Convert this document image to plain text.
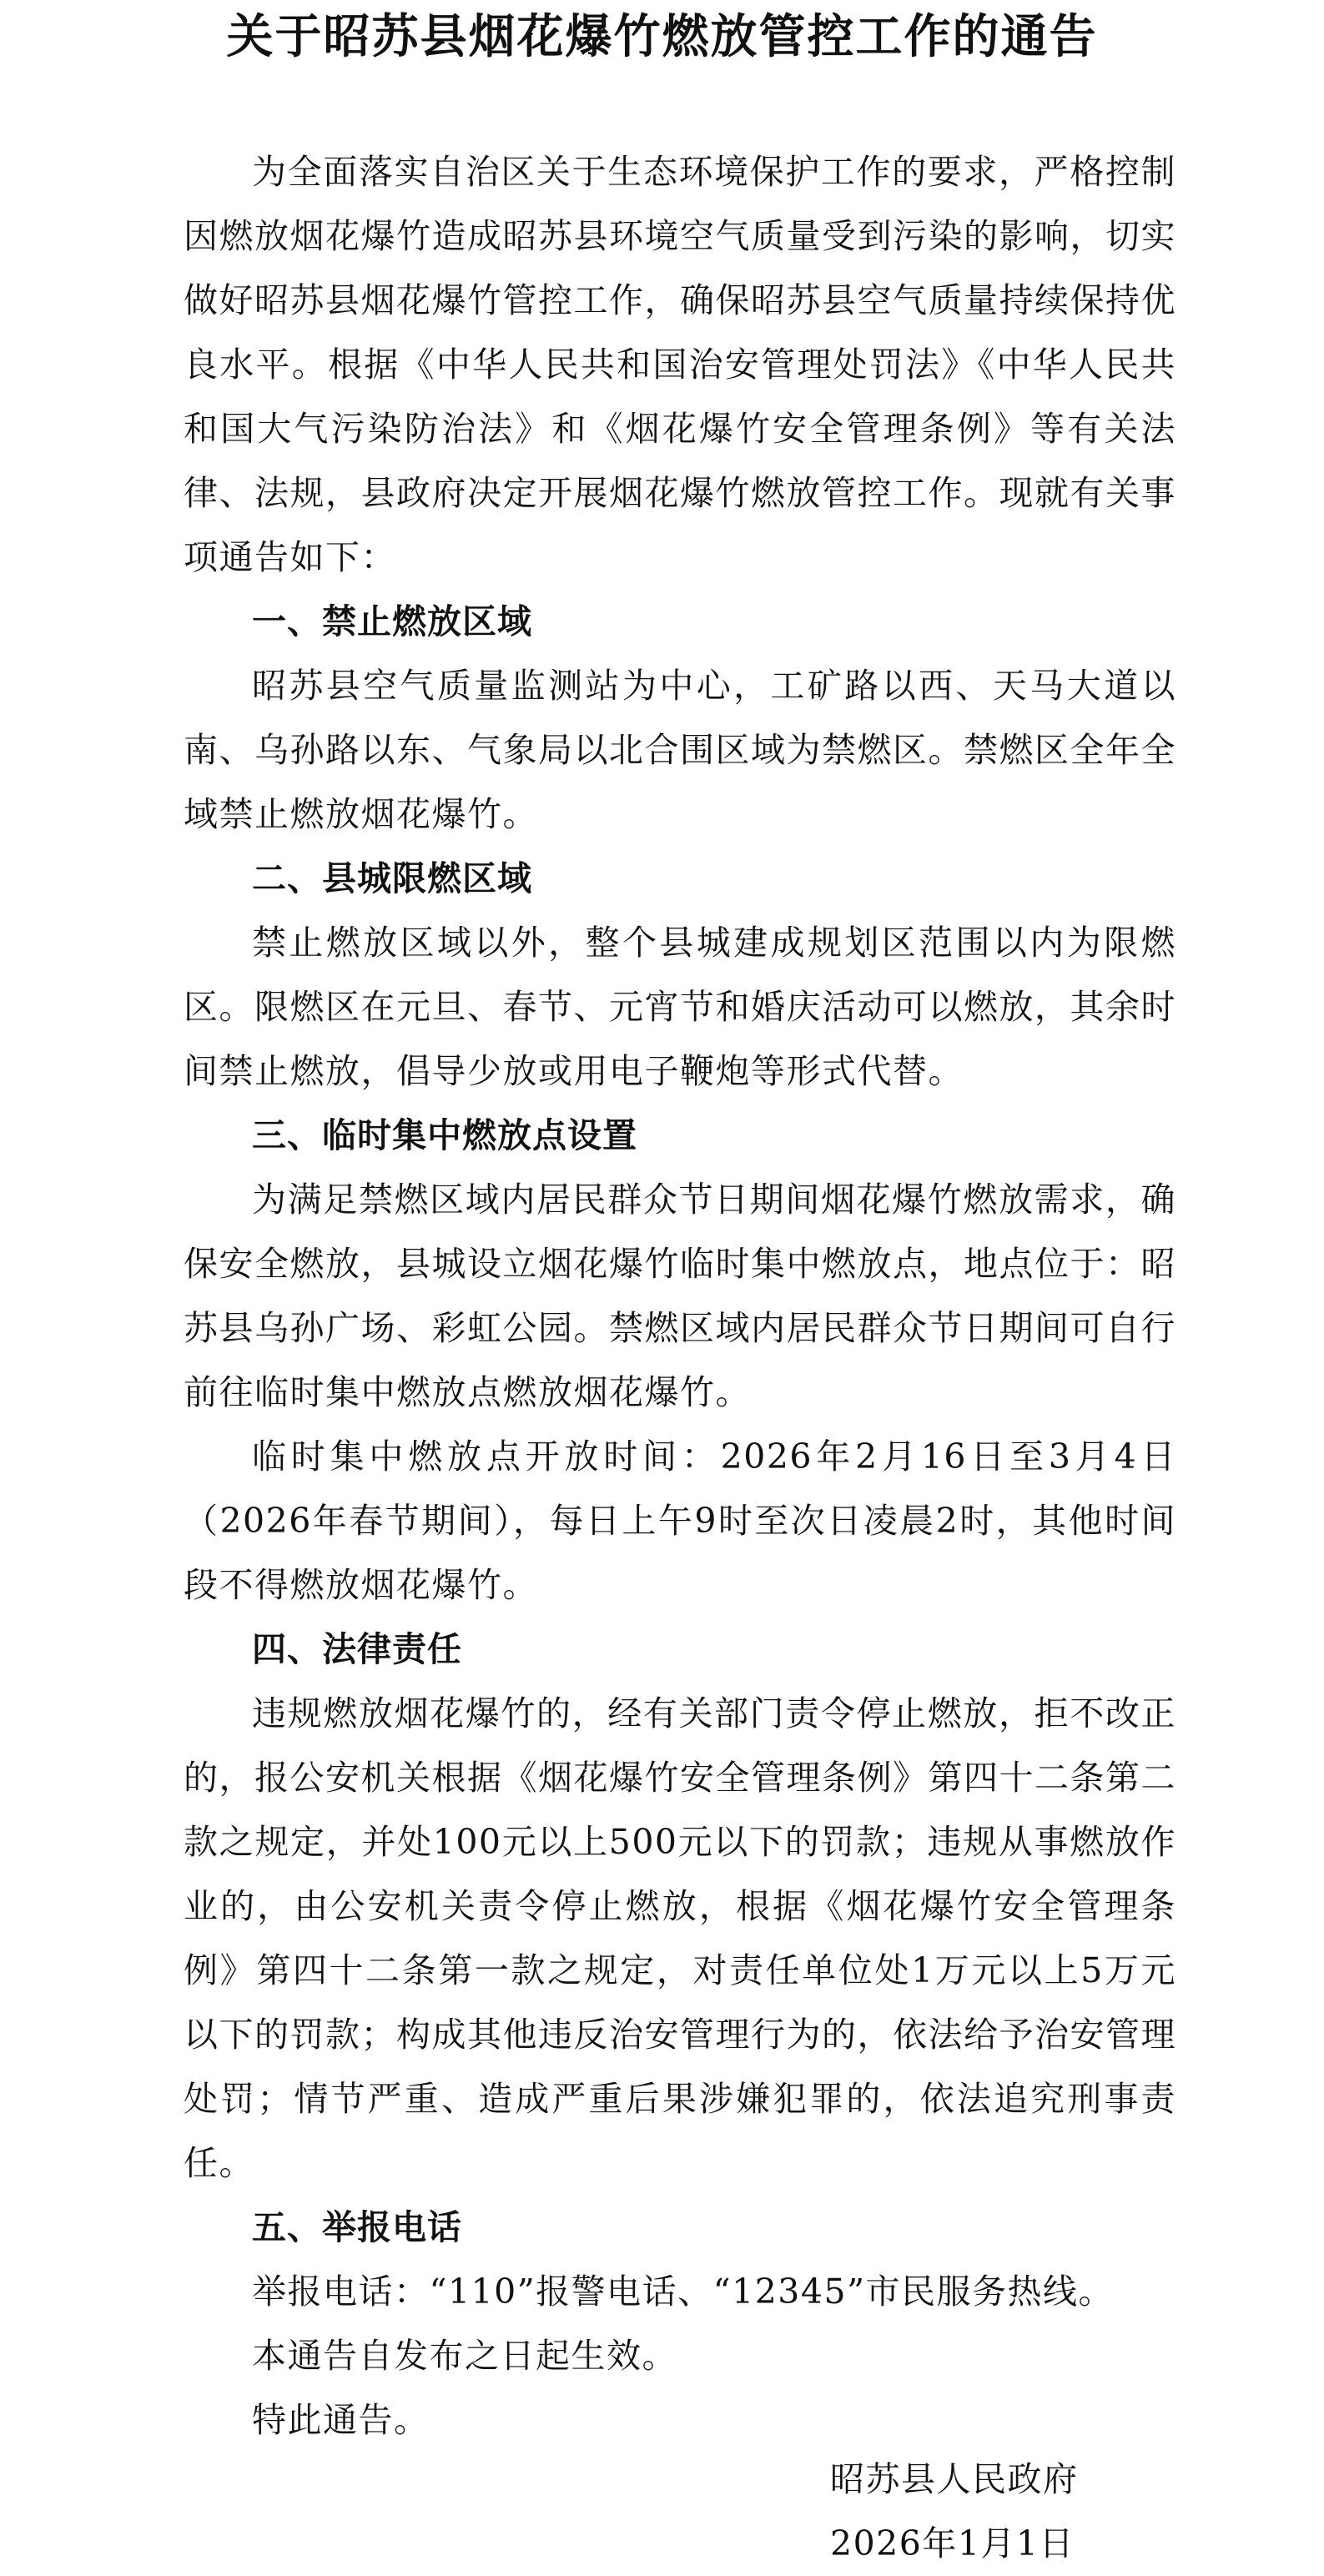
关于昭苏县烟花爆竹燃放管控工作的通告

为全面落实自治区关于生态环境保护工作的要求，严格控制因燃放烟花爆竹造成昭苏县环境空气质量受到污染的影响，切实做好昭苏县烟花爆竹管控工作，确保昭苏县空气质量持续保持优良水平。根据《中华人民共和国治安管理处罚法》《中华人民共和国大气污染防治法》和《烟花爆竹安全管理条例》等有关法律、法规，县政府决定开展烟花爆竹燃放管控工作。现就有关事项通告如下：

一、禁止燃放区域

昭苏县空气质量监测站为中心，工矿路以西、天马大道以南、乌孙路以东、气象局以北合围区域为禁燃区。禁燃区全年全域禁止燃放烟花爆竹。

二、县城限燃区域

禁止燃放区域以外，整个县城建成规划区范围以内为限燃区。限燃区在元旦、春节、元宵节和婚庆活动可以燃放，其余时间禁止燃放，倡导少放或用电子鞭炮等形式代替。

三、临时集中燃放点设置

为满足禁燃区域内居民群众节日期间烟花爆竹燃放需求，确保安全燃放，县城设立烟花爆竹临时集中燃放点，地点位于：昭苏县乌孙广场、彩虹公园。禁燃区域内居民群众节日期间可自行前往临时集中燃放点燃放烟花爆竹。

临时集中燃放点开放时间：2026年2月16日至3月4日（2026年春节期间），每日上午9时至次日凌晨2时，其他时间段不得燃放烟花爆竹。

四、法律责任

违规燃放烟花爆竹的，经有关部门责令停止燃放，拒不改正的，报公安机关根据《烟花爆竹安全管理条例》第四十二条第二款之规定，并处100元以上500元以下的罚款；违规从事燃放作业的，由公安机关责令停止燃放，根据《烟花爆竹安全管理条例》第四十二条第一款之规定，对责任单位处1万元以上5万元以下的罚款；构成其他违反治安管理行为的，依法给予治安管理处罚；情节严重、造成严重后果涉嫌犯罪的，依法追究刑事责任。

五、举报电话

举报电话：“110”报警电话、“12345”市民服务热线。

本通告自发布之日起生效。

特此通告。

昭苏县人民政府
2026年1月1日
